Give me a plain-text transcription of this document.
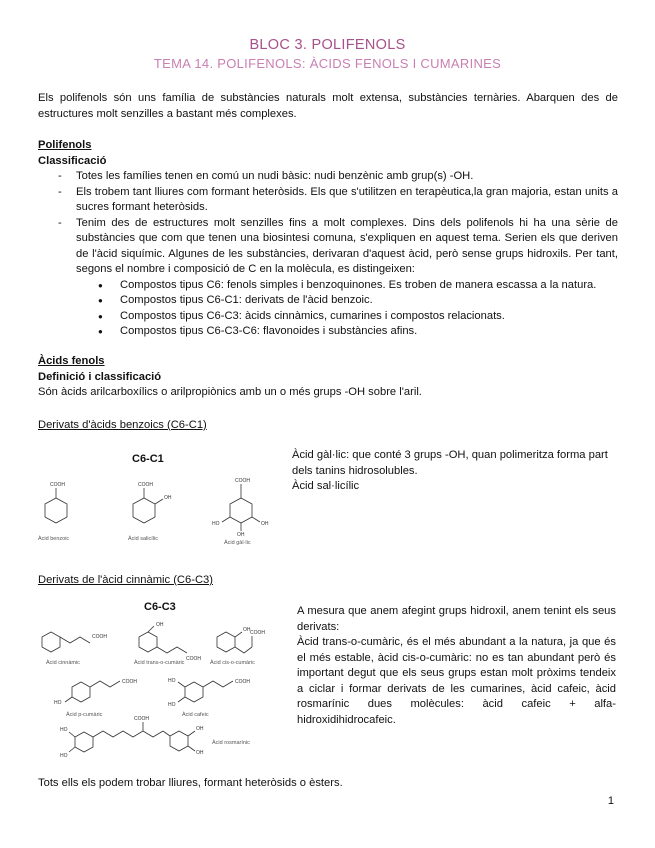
BLOC 3. POLIFENOLS
TEMA 14. POLIFENOLS: ÀCIDS FENOLS I CUMARINES
Els polifenols són uns família de substàncies naturals molt extensa, substàncies ternàries. Abarquen des de estructures molt senzilles a bastant més complexes.
Polifenols
Classificació
- Totes les famílies tenen en comú un nudi bàsic: nudi benzènic amb grup(s) -OH.
- Els trobem tant lliures com formant heteròsids. Els que s'utilitzen en terapèutica,la gran majoria, estan units a sucres formant heteròsids.
- Tenim des de estructures molt senzilles fins a molt complexes. Dins dels polifenols hi ha una sèrie de substàncies que com que tenen una biosintesi comuna, s'expliquen en aquest tema. Serien els que deriven de l'àcid siquímic. Algunes de les substàncies, derivaran d'aquest àcid, però sense grups hidroxils. Per tant, segons el nombre i composició de C en la molècula, es distingeixen:
● Compostos tipus C6: fenols simples i benzoquinones. Es troben de manera escassa a la natura.
● Compostos tipus C6-C1: derivats de l'àcid benzoic.
● Compostos tipus C6-C3: àcids cinnàmics, cumarines i compostos relacionats.
● Compostos tipus C6-C3-C6: flavonoides i substàncies afins.
Àcids fenols
Definició i classificació
Són àcids arilcarboxílics o arilpropiònics amb un o més grups -OH sobre l'aril.
Derivats d'àcids benzoics (C6-C1)
C6-C1
COOH
Àcid benzoic
COOH
OH
Àcid salicílic
COOH
OH
HO
OH
Àcid gàl·lic
Àcid gàl·lic: que conté 3 grups -OH, quan polimeritza forma part dels tanins hidrosolubles.
Àcid sal·licílic
Derivats de l'àcid cinnàmic (C6-C3)
C6-C3
COOH
Àcid cinnàmic
OH
COOH
Àcid trans-o-cumàric
OH COOH
Àcid cis-o-cumàric
HO
COOH
Àcid p-cumàric
HO
HO
COOH
Àcid cafeic
HO
HO
COOH
OH
OH
Àcid rosmarínic
A mesura que anem afegint grups hidroxil, anem tenint els seus derivats:
Àcid trans-o-cumàric, és el més abundant a la natura, ja que és el més estable, àcid cis-o-cumàric: no es tan abundant però és important degut que els seus grups estan molt pròxims tendeix a ciclar i formar derivats de les cumarines, àcid cafeic, àcid rosmarínic dues molècules: àcid cafeic + alfa-hidroxidihidrocafeic.
Tots ells els podem trobar lliures, formant heteròsids o èsters.
1
